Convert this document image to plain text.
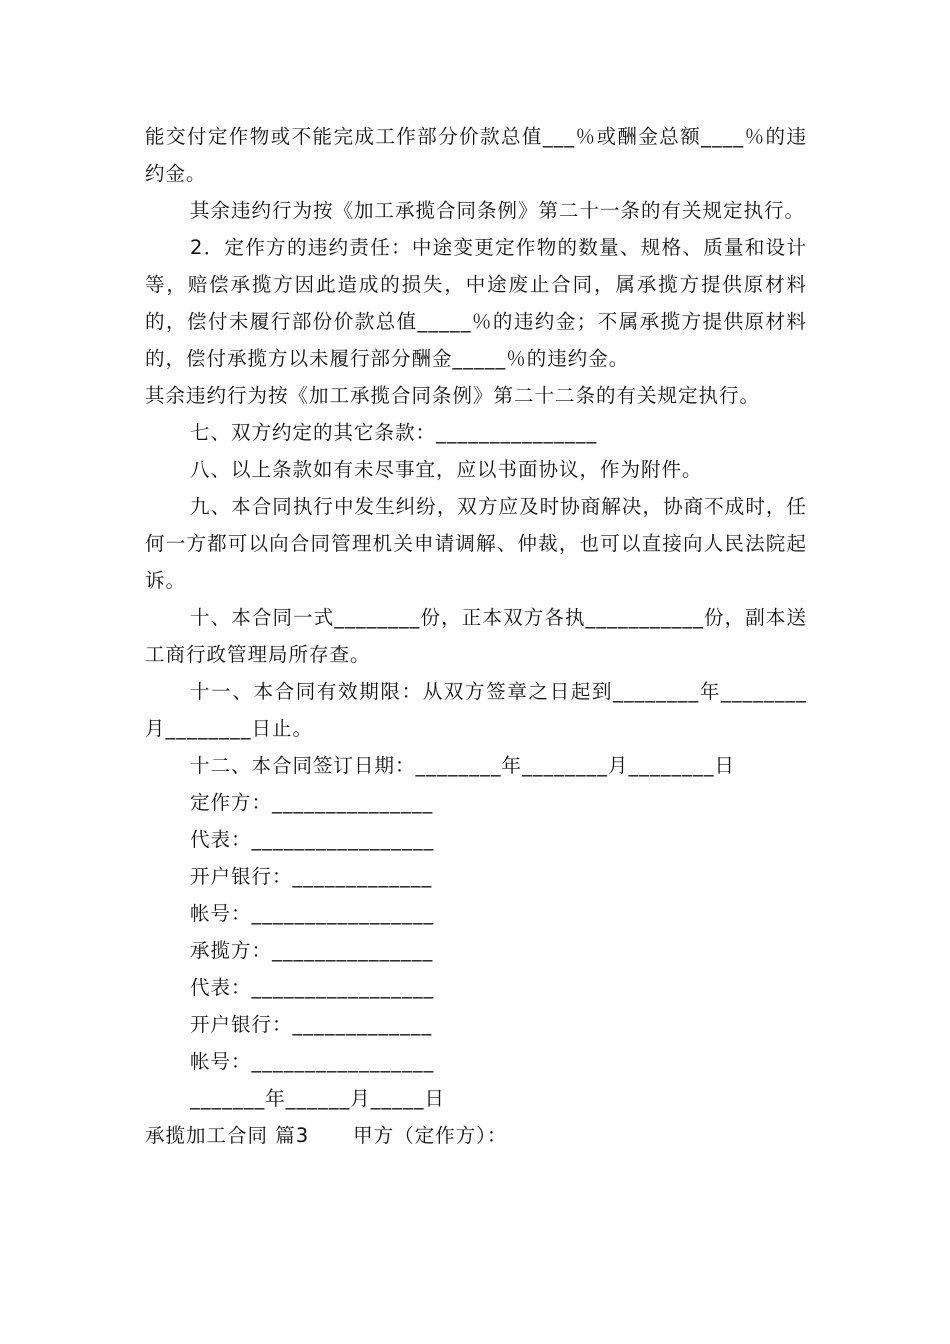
能交付定作物或不能完成工作部分价款总值___％或酬金总额____％的违约金。

其余违约行为按《加工承揽合同条例》第二十一条的有关规定执行。

2．定作方的违约责任：中途变更定作物的数量、规格、质量和设计等，赔偿承揽方因此造成的损失，中途废止合同，属承揽方提供原材料的，偿付未履行部份价款总值_____％的违约金；不属承揽方提供原材料的，偿付承揽方以未履行部分酬金_____％的违约金。

其余违约行为按《加工承揽合同条例》第二十二条的有关规定执行。

七、双方约定的其它条款：_______________

八、以上条款如有未尽事宜，应以书面协议，作为附件。

九、本合同执行中发生纠纷，双方应及时协商解决，协商不成时，任何一方都可以向合同管理机关申请调解、仲裁，也可以直接向人民法院起诉。

十、本合同一式________份，正本双方各执___________份，副本送工商行政管理局所存查。

十一、本合同有效期限：从双方签章之日起到________年________月________日止。

十二、本合同签订日期：________年________月________日

定作方：_______________

代表：_________________

开户银行：_____________

帐号：_________________

承揽方：_______________

代表：_________________

开户银行：_____________

帐号：_________________

_______年______月_____日

承揽加工合同 篇3 甲方（定作方）：
